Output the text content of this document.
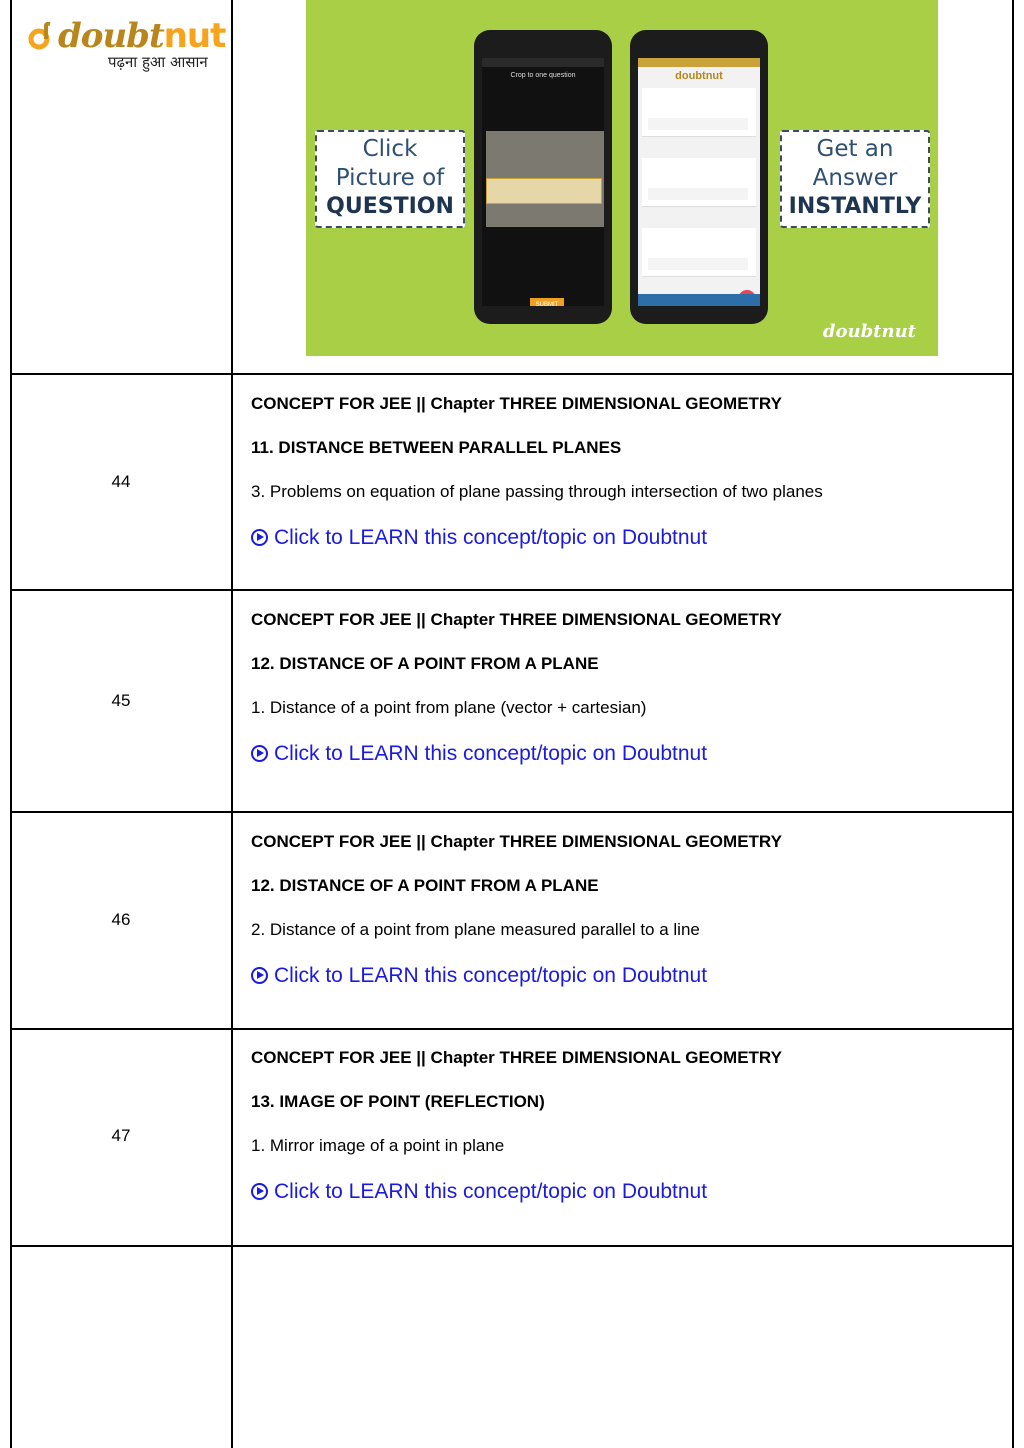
doubtnut
पढ़ना हुआ आसान
Click
Picture of
QUESTION
Crop to one question
SUBMIT
doubtnut
Get an
Answer
INSTANTLY
doubtnut
44
CONCEPT FOR JEE || Chapter THREE DIMENSIONAL GEOMETRY
11. DISTANCE BETWEEN PARALLEL PLANES
3. Problems on equation of plane passing through intersection of two planes
Click to LEARN this concept/topic on Doubtnut
45
CONCEPT FOR JEE || Chapter THREE DIMENSIONAL GEOMETRY
12. DISTANCE OF A POINT FROM A PLANE
1. Distance of a point from plane (vector + cartesian)
Click to LEARN this concept/topic on Doubtnut
46
CONCEPT FOR JEE || Chapter THREE DIMENSIONAL GEOMETRY
12. DISTANCE OF A POINT FROM A PLANE
2. Distance of a point from plane measured parallel to a line
Click to LEARN this concept/topic on Doubtnut
47
CONCEPT FOR JEE || Chapter THREE DIMENSIONAL GEOMETRY
13. IMAGE OF POINT (REFLECTION)
1. Mirror image of a point in plane
Click to LEARN this concept/topic on Doubtnut
